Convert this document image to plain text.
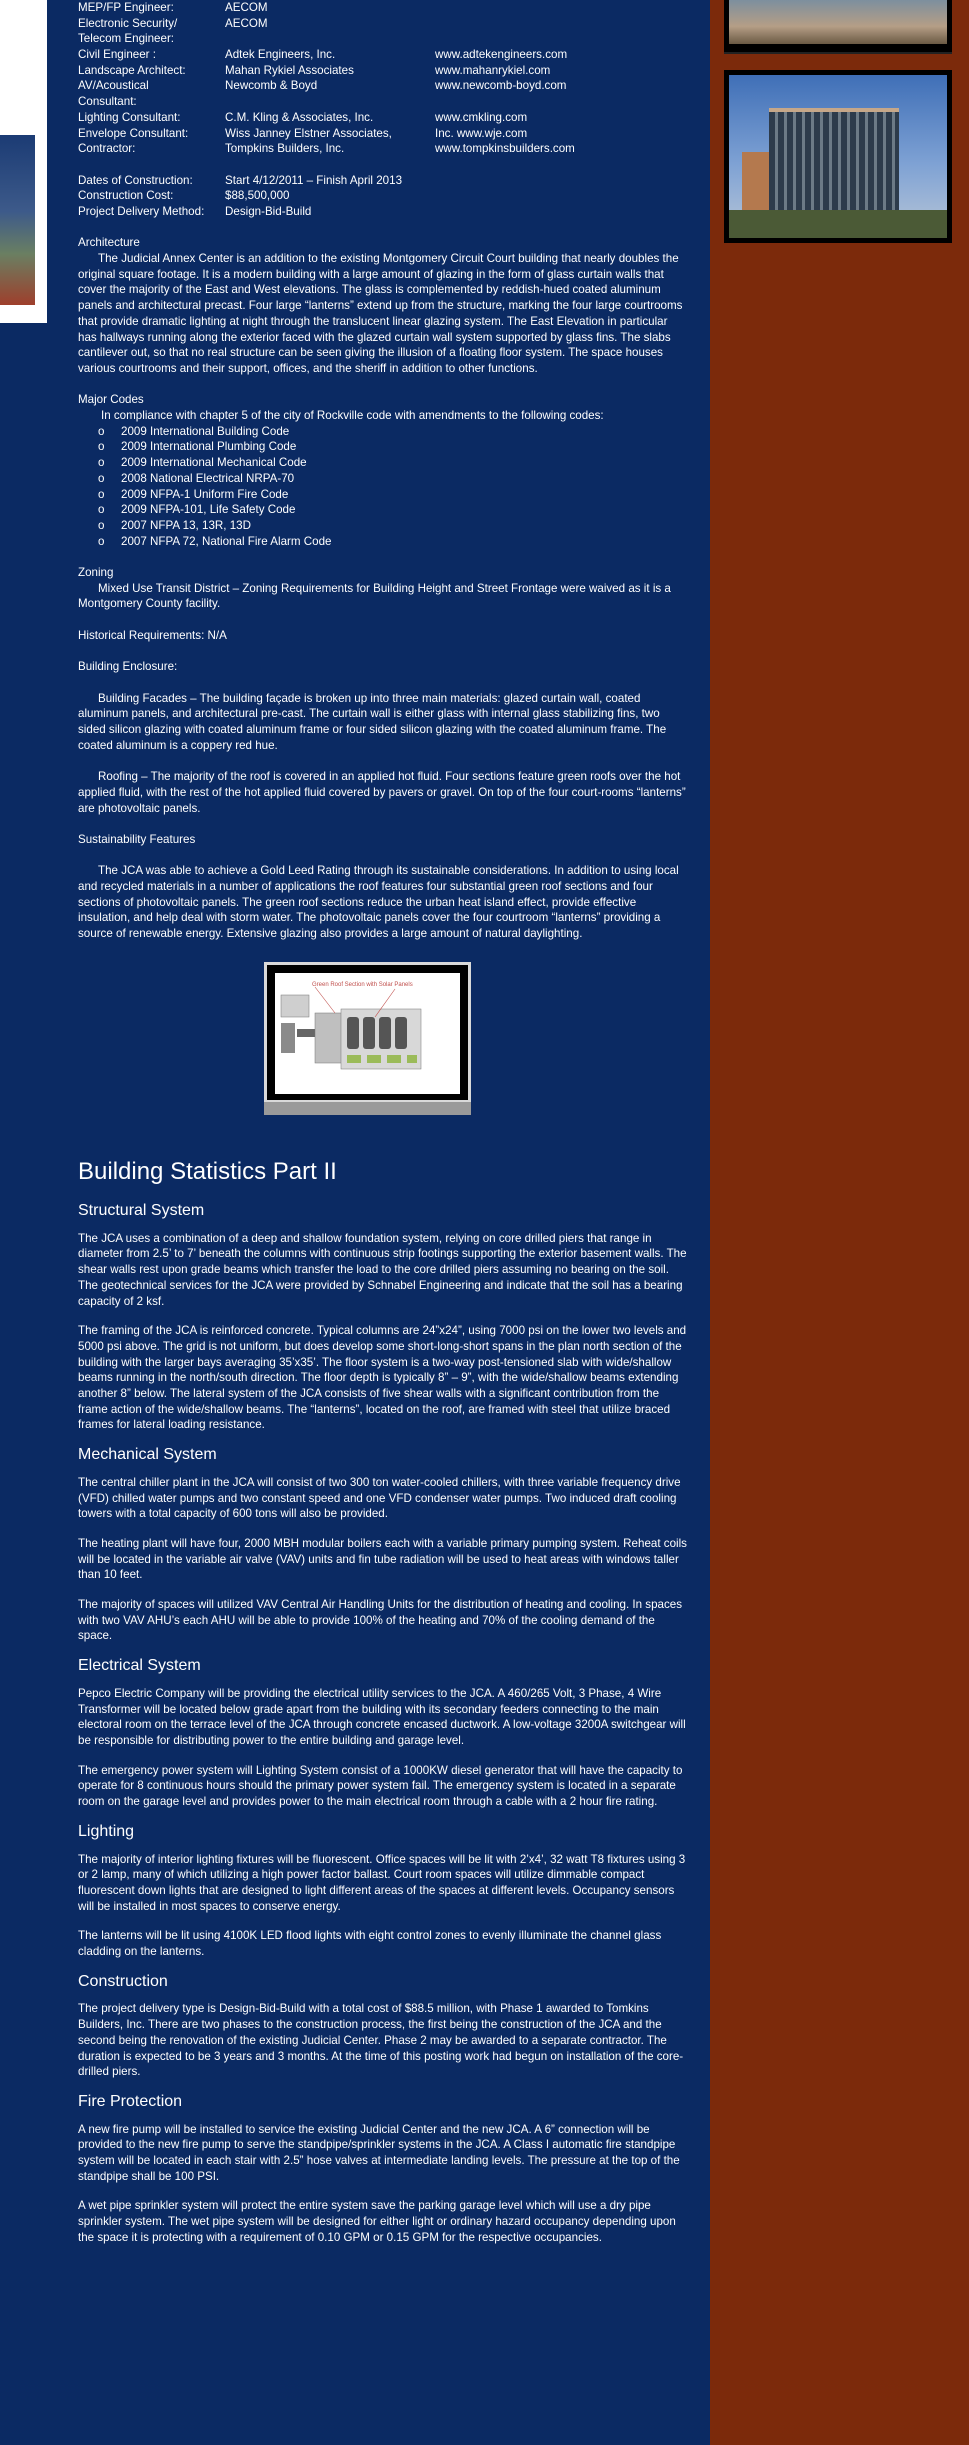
MEP/FP Engineer:	AECOM
Electronic Security/	AECOM
Telecom Engineer:
Civil Engineer :	Adtek Engineers, Inc.	www.adtekengineers.com
Landscape Architect:	Mahan Rykiel Associates	www.mahanrykiel.com
AV/Acoustical	Newcomb & Boyd	www.newcomb-boyd.com
Consultant:
Lighting Consultant:	C.M. Kling & Associates, Inc.	www.cmkling.com
Envelope Consultant:	Wiss Janney Elstner Associates,	Inc. www.wje.com
Contractor:	Tompkins Builders, Inc.	www.tompkinsbuilders.com
Dates of Construction:	Start 4/12/2011 – Finish April 2013
Construction Cost:	$88,500,000
Project Delivery Method:	Design-Bid-Build

Architecture

The Judicial Annex Center is an addition to the existing Montgomery Circuit Court building that nearly doubles the original square footage. It is a modern building with a large amount of glazing in the form of glass curtain walls that cover the majority of the East and West elevations. The glass is complemented by reddish-hued coated aluminum panels and architectural precast. Four large “lanterns” extend up from the structure, marking the four large courtrooms that provide dramatic lighting at night through the translucent linear glazing system. The East Elevation in particular has hallways running along the exterior faced with the glazed curtain wall system supported by glass fins. The slabs cantilever out, so that no real structure can be seen giving the illusion of a floating floor system. The space houses various courtrooms and their support, offices, and the sheriff in addition to other functions.

Major Codes

In compliance with chapter 5 of the city of Rockville code with amendments to the following codes:

o	2009 International Building Code
o	2009 International Plumbing Code
o	2009 International Mechanical Code
o	2008 National Electrical NRPA-70
o	2009 NFPA-1 Uniform Fire Code
o	2009 NFPA-101, Life Safety Code
o	2007 NFPA 13, 13R, 13D
o	2007 NFPA 72, National Fire Alarm Code

Zoning

Mixed Use Transit District – Zoning Requirements for Building Height and Street Frontage were waived as it is a Montgomery County facility.

Historical Requirements: N/A

Building Enclosure:

Building Facades – The building façade is broken up into three main materials: glazed curtain wall, coated aluminum panels, and architectural pre-cast. The curtain wall is either glass with internal glass stabilizing fins, two sided silicon glazing with coated aluminum frame or four sided silicon glazing with the coated aluminum frame. The coated aluminum is a coppery red hue.

Roofing – The majority of the roof is covered in an applied hot fluid. Four sections feature green roofs over the hot applied fluid, with the rest of the hot applied fluid covered by pavers or gravel. On top of the four court-rooms “lanterns” are photovoltaic panels.

Sustainability Features

The JCA was able to achieve a Gold Leed Rating through its sustainable considerations. In addition to using local and recycled materials in a number of applications the roof features four substantial green roof sections and four sections of photovoltaic panels. The green roof sections reduce the urban heat island effect, provide effective insulation, and help deal with storm water. The photovoltaic panels cover the four courtroom “lanterns” providing a source of renewable energy. Extensive glazing also provides a large amount of natural daylighting.

Green Roof Section with Solar Panels
Building Statistics Part II
Structural System

The JCA uses a combination of a deep and shallow foundation system, relying on core drilled piers that range in diameter from 2.5’ to 7’ beneath the columns with continuous strip footings supporting the exterior basement walls. The shear walls rest upon grade beams which transfer the load to the core drilled piers assuming no bearing on the soil. The geotechnical services for the JCA were provided by Schnabel Engineering and indicate that the soil has a bearing capacity of 2 ksf.

The framing of the JCA is reinforced concrete. Typical columns are 24”x24”, using 7000 psi on the lower two levels and 5000 psi above. The grid is not uniform, but does develop some short-long-short spans in the plan north section of the building with the larger bays averaging 35’x35’. The floor system is a two-way post-tensioned slab with wide/shallow beams running in the north/south direction. The floor depth is typically 8” – 9”, with the wide/shallow beams extending another 8” below. The lateral system of the JCA consists of five shear walls with a significant contribution from the frame action of the wide/shallow beams. The “lanterns”, located on the roof, are framed with steel that utilize braced frames for lateral loading resistance.

Mechanical System

The central chiller plant in the JCA will consist of two 300 ton water-cooled chillers, with three variable frequency drive (VFD) chilled water pumps and two constant speed and one VFD condenser water pumps. Two induced draft cooling towers with a total capacity of 600 tons will also be provided.

The heating plant will have four, 2000 MBH modular boilers each with a variable primary pumping system. Reheat coils will be located in the variable air valve (VAV) units and fin tube radiation will be used to heat areas with windows taller than 10 feet.

The majority of spaces will utilized VAV Central Air Handling Units for the distribution of heating and cooling. In spaces with two VAV AHU’s each AHU will be able to provide 100% of the heating and 70% of the cooling demand of the space.

Electrical System

Pepco Electric Company will be providing the electrical utility services to the JCA. A 460/265 Volt, 3 Phase, 4 Wire Transformer will be located below grade apart from the building with its secondary feeders connecting to the main electoral room on the terrace level of the JCA through concrete encased ductwork. A low-voltage 3200A switchgear will be responsible for distributing power to the entire building and garage level.

The emergency power system will Lighting System consist of a 1000KW diesel generator that will have the capacity to operate for 8 continuous hours should the primary power system fail. The emergency system is located in a separate room on the garage level and provides power to the main electrical room through a cable with a 2 hour fire rating.

Lighting

The majority of interior lighting fixtures will be fluorescent. Office spaces will be lit with 2’x4’, 32 watt T8 fixtures using 3 or 2 lamp, many of which utilizing a high power factor ballast. Court room spaces will utilize dimmable compact fluorescent down lights that are designed to light different areas of the spaces at different levels. Occupancy sensors will be installed in most spaces to conserve energy.

The lanterns will be lit using 4100K LED flood lights with eight control zones to evenly illuminate the channel glass cladding on the lanterns.

Construction

The project delivery type is Design-Bid-Build with a total cost of $88.5 million, with Phase 1 awarded to Tomkins Builders, Inc. There are two phases to the construction process, the first being the construction of the JCA and the second being the renovation of the existing Judicial Center. Phase 2 may be awarded to a separate contractor. The duration is expected to be 3 years and 3 months. At the time of this posting work had begun on installation of the core-drilled piers.

Fire Protection

A new fire pump will be installed to service the existing Judicial Center and the new JCA. A 6” connection will be provided to the new fire pump to serve the standpipe/sprinkler systems in the JCA. A Class I automatic fire standpipe system will be located in each stair with 2.5” hose valves at intermediate landing levels. The pressure at the top of the standpipe shall be 100 PSI.

A wet pipe sprinkler system will protect the entire system save the parking garage level which will use a dry pipe sprinkler system. The wet pipe system will be designed for either light or ordinary hazard occupancy depending upon the space it is protecting with a requirement of 0.10 GPM or 0.15 GPM for the respective occupancies.
